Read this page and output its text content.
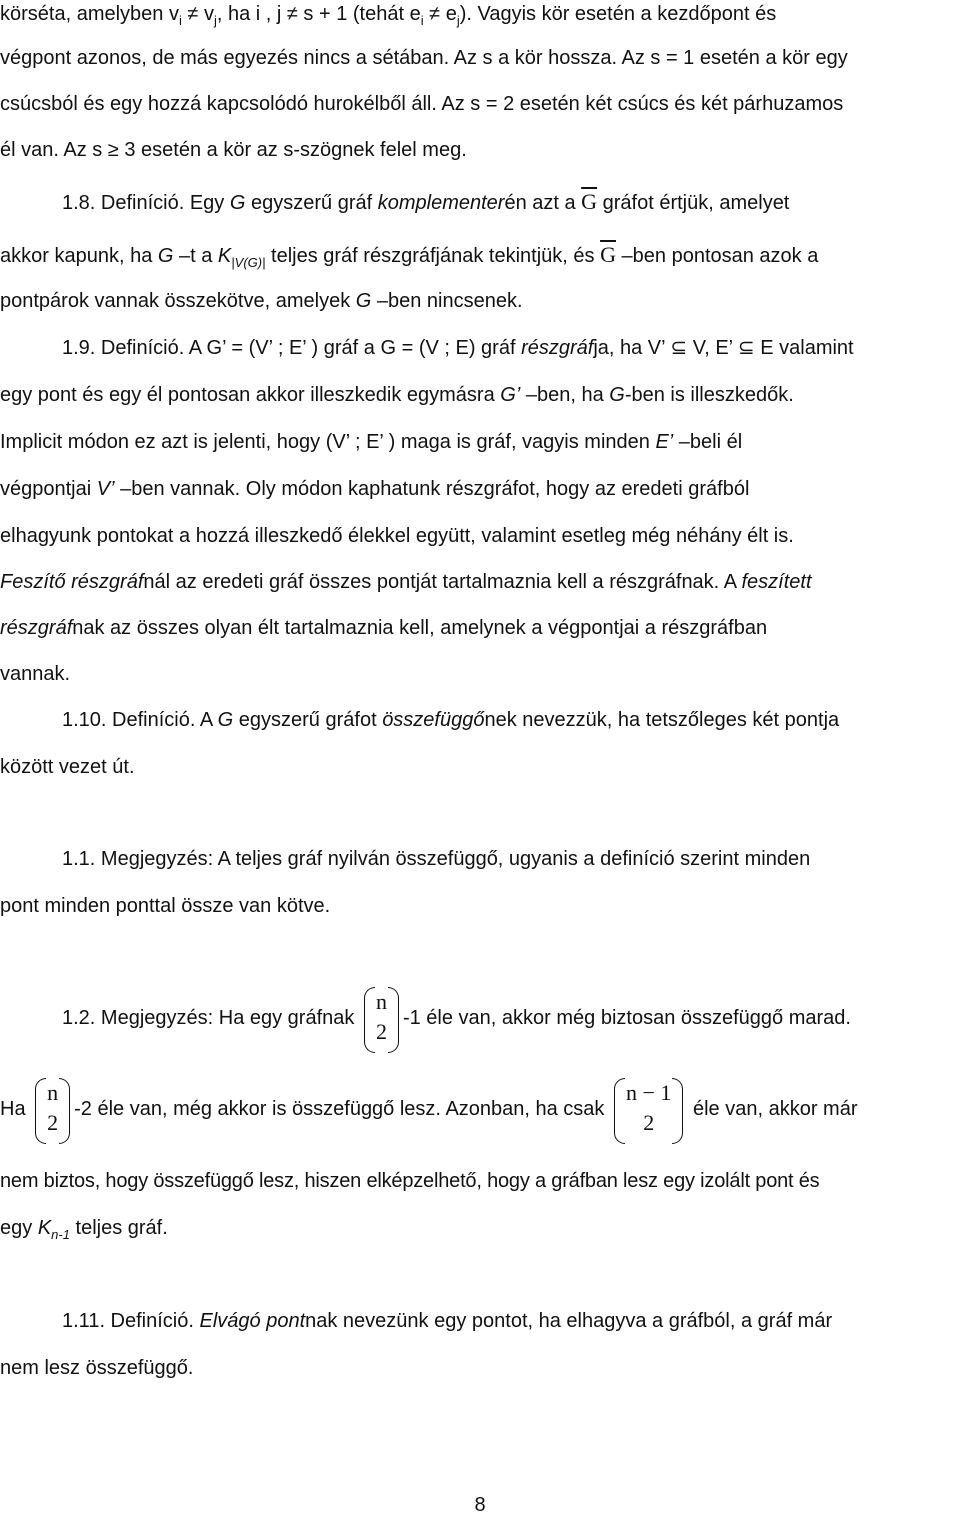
körséta, amelyben $v_i \ne v_j$, ha i , j ≠ s + 1 (tehát $e_i \ne e_j$). Vagyis kör esetén a kezdőpont és
végpont azonos, de más egyezés nincs a sétában. Az s a kör hossza. Az s = 1 esetén a kör egy
csúcsból és egy hozzá kapcsolódó hurokélből áll. Az s = 2 esetén két csúcs és két párhuzamos
él van. Az s ≥ 3 esetén a kör az s-szögnek felel meg.
1.8. Definíció. Egy G egyszerű gráf komplementerén azt a $\overline{G}$ gráfot értjük, amelyet
akkor kapunk, ha G –t a $K_{|V(G)|}$ teljes gráf részgráfjának tekintjük, és $\overline{G}$ –ben pontosan azok a
pontpárok vannak összekötve, amelyek G –ben nincsenek.
1.9. Definíció. A G’ = (V’ ; E’ ) gráf a G = (V ; E) gráf részgráfja, ha V’ ⊆ V, E’ ⊆ E valamint
egy pont és egy él pontosan akkor illeszkedik egymásra G’ –ben, ha G-ben is illeszkedők.
Implicit módon ez azt is jelenti, hogy (V’ ; E’ ) maga is gráf, vagyis minden E’ –beli él
végpontjai V’ –ben vannak. Oly módon kaphatunk részgráfot, hogy az eredeti gráfból
elhagyunk pontokat a hozzá illeszkedő élekkel együtt, valamint esetleg még néhány élt is.
Feszítő részgráfnál az eredeti gráf összes pontját tartalmaznia kell a részgráfnak. A feszített
részgráfnak az összes olyan élt tartalmaznia kell, amelynek a végpontjai a részgráfban
vannak.
1.10. Definíció. A G egyszerű gráfot összefüggőnek nevezzük, ha tetszőleges két pontja
között vezet út.
1.1. Megjegyzés: A teljes gráf nyilván összefüggő, ugyanis a definíció szerint minden
pont minden ponttal össze van kötve.
1.2. Megjegyzés: Ha egy gráfnak
n
2
-1 éle van, akkor még biztosan összefüggő marad.
Ha
n
2
-2 éle van, még akkor is összefüggő lesz. Azonban, ha csak
n − 1
2
éle van, akkor már
nem biztos, hogy összefüggő lesz, hiszen elképzelhető, hogy a gráfban lesz egy izolált pont és
egy $K_{n-1}$ teljes gráf.
1.11. Definíció. Elvágó pontnak nevezünk egy pontot, ha elhagyva a gráfból, a gráf már
nem lesz összefüggő.
8
